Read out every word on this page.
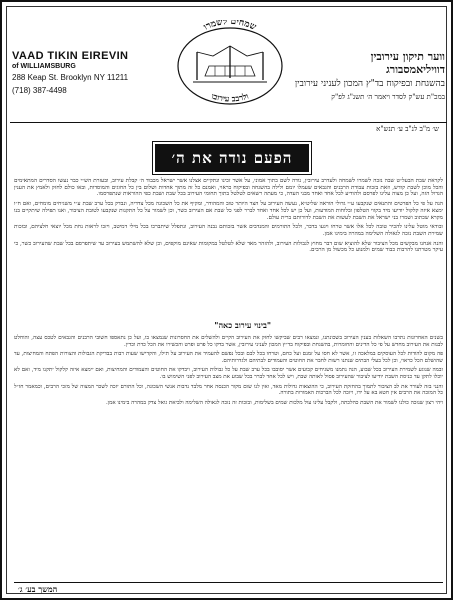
VAAD TIKIN EIREVIN
of WILLIAMSBURG
288 Keap St. Brooklyn NY 11211
(718) 387-4498
שמחים לשמרו
ולרבב עירובו
ווער תיקון עירובין
דוויליאמסבורג
בהשגחת ובפיקוח בד"ץ המכון לעניני עירובין
במכ"ת עש"ק לסדר ויאמר ה׳ תשנ"ג לפ"ק
ש׳ מ"ב לנ"ב ע׳ תנש"א
הפעם נודה את ה׳

לקראת שבת הבעל״ט שבה נזכה לשמרו לשמחה ולעדרב עירובין, נודה לשם בתוך אמוני, על אשר זכינו ונתקיים אצלנו אשר ישראל מכבוד ה׳ קבלת עירוב, ובעזרת הש״י כבר נעשו הסדרים המתאימים והכל מוכן לשבת קודש, וזאת בזכות עבודת הרבנים והגבאים שעמלו יומם ולילה בהשגחה ובפיקוח כראוי, ואמנם כל זה מתוך אחדות ושלום בין כל החוגים והמוסדות, ובאו כולם לחזק ולאמץ את הענין הגדול הזה, ועל כן מצוה עלינו לפרסם ולהודיע לכל אחד ואחד מבני העדה, כי מעתה רשאים לטלטל בתוך תחומי העירוב בכל שבת ושבת כפי ההוראות שנתפרסמו.

הנה על פי כל הפרטים והתנאים שנקבעו ע״י גדולי הוראה שליט״א, נעשה העירוב על הצד היותר טוב והמהודר, ומקיף את כל השכונה מכל צדדיה, ונבדק בכל ערב שבת ע״י משגיחים מומחים, ואם ח״ו ימצא איזה קלקול יודיעו מיד בקווי הטלפון ובלוחות המודעות, ועל כן יש לכל אחד ואחד לברר לפני כל שבת אם העירוב כשר, וכן לשמור על כל התקנות שנקבעו לטובת הציבור, ואנו תפילה שיתקיים בנו מקרא שכתוב ושמרו בני ישראל את השבת לעשות את השבת לדורותם ברית עולם.

ובודאי מוטל עלינו להכיר טובה לכל אלו אשר טרחו ויגעו בדבר, ולכל התורמים והמנדבים אשר בזכותם נבנה העירוב, ונתפלל שיתברכו בכל מילי דמיטב, ויזכו לראות נחת מכל יוצאי חלציהם, ובזכות שמירת השבת נזכה לגאולה השלימה במהרה בימינו אמן.

והנה אנחנו מבקשים מכל הציבור שלא להוציא שום דבר מחוץ לגבולות העירוב, ולהזהר מאד שלא לטלטל במקומות שאינם מוקפים, וכן שלא להשתמש בעירוב עד שיתפרסם בכל שבת שהעירוב כשר, כי עיקר מטרתנו להרבות כבוד שמים ולמנוע כל מכשול מן הרבים.

"בינוי עירוב כאה"

בשנים האחרונות נתרבו השאלות בענין העירוב בשכונתנו, ונמצאו רבים שביקשו לחזק את העירוב הקיים ולהשלים את החסרונות שנמצאו בו, ועל כן נתאספו חשובי הרבנים והגבאים לטכס עצה, והוחלט לבנות את העירוב מחדש על פי כל הדינים והחומרות, בהשגחת ובפיקוח בד״ץ המכון לעניני עירובין, אשר בדקו כל פרט ופרט והכשירו את הכל כדת וכדין.

פה מקום להודות לכל העוסקים במלאכה זו, אשר לא חסו על זמנם ועל כחם, וטרחו בכל לבם ובכל נפשם להעמיד את העירוב על תילו, והקדישו שעות רבות בבדיקת הגבולות והצורות הפתח והמחיצות, עד שהושלם הכל כראוי, וכן לכל בעלי הבתים שנתנו רשות לחבר את החוטים והעמודים לבתיהם ולגדרותיהם.

ובמה שנוגע לשמירת העירוב בכל שבוע, הנה נתמנו משגיחים קבועים אשר יסובבו בכל ערב שבת על כל גבולות העירוב, ויבדקו את החוטים והעמודים והמחיצות, ואם יימצא איזה קלקול יתקנו מיד, ואם לא יוכלו לתקן עד כניסת השבת יודיעו לציבור שהעירוב פסול לאותה שבת, ויש לכל אחד לברר בכל שבוע את מצב העירוב לפני השימוש בו.

והנני בזה לעורר את לב הציבור לתמוך בהחזקת העירוב, כי ההוצאות גדולות מאד, ואין לנו שום מקור הכנסה אחר מלבד נדבות אנשי השכונה, וכל התורם יזכה לשכר המצוה של מזכי הרבים, וכמאמר חז״ל כל המזכה את הרבים אין חטא בא על ידו, ויזכה לכל הברכות האמורות בתורה.

ויהי רצון שנזכה כולנו לשמור את השבת כהלכתה, ולקבל עלינו עול מלכות שמים בשלימות, ובזכות זה נזכה לגאולה השלימה ולביאת גואל צדק במהרה בימינו אמן.

המשך בע׳ ג׳
